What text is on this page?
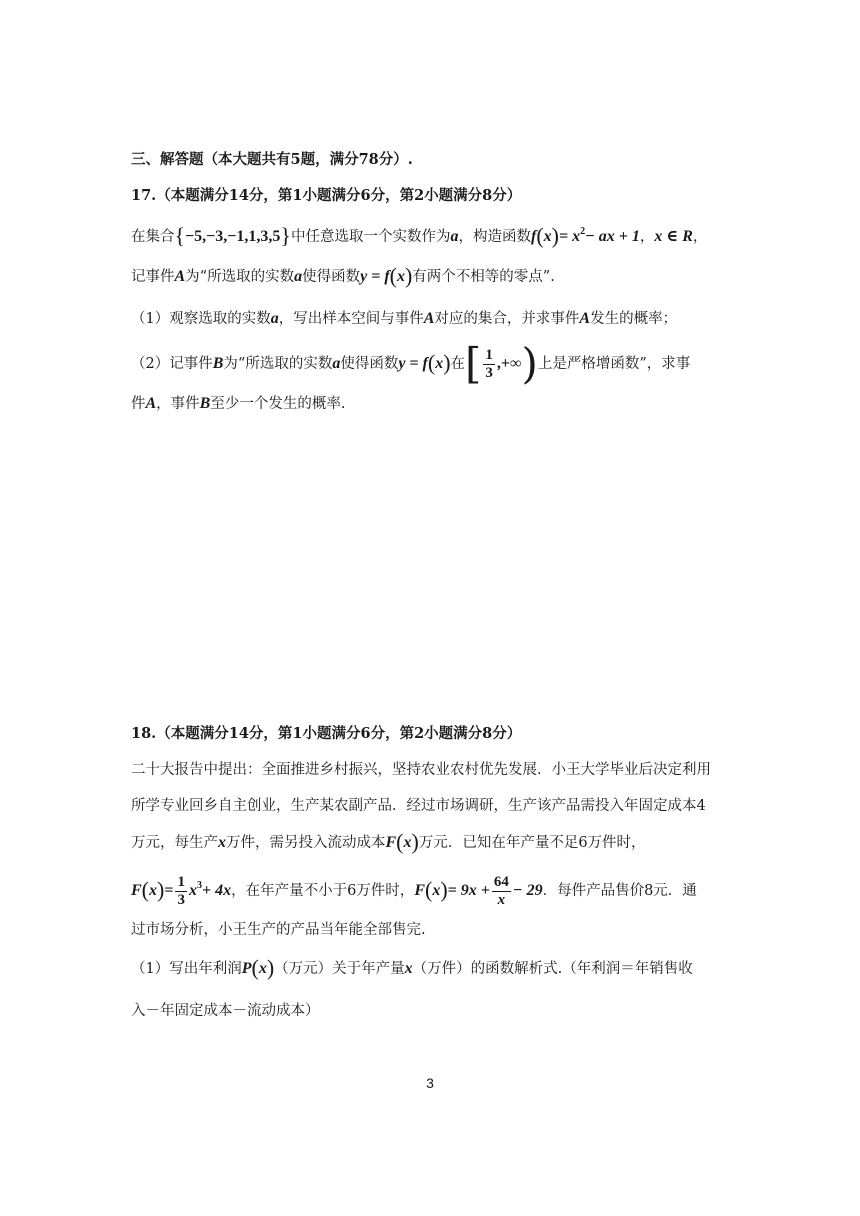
三、解答题（本大题共有5题，满分78分）.
17.（本题满分14分，第1小题满分6分，第2小题满分8分）
在集合{−5,−3,−1,1,3,5}中任意选取一个实数作为a，构造函数$f(x)= x^2-$ ax + 1，x ∈ R，
记事件A为“所选取的实数a使得函数y = f(x)有两个不相等的零点”.
（1）观察选取的实数a，写出样本空间与事件A对应的集合，并求事件A发生的概率；
（2）记事件B为“所选取的实数a使得函数y = f(x)在[ $\frac{1}{3}$ ,+∞)上是严格增函数”，求事
件A，事件B至少一个发生的概率.
18.（本题满分14分，第1小题满分6分，第2小题满分8分）
二十大报告中提出：全面推进乡村振兴，坚持农业农村优先发展．小王大学毕业后决定利用
所学专业回乡自主创业，生产某农副产品．经过市场调研，生产该产品需投入年固定成本4
万元，每生产x万件，需另投入流动成本F(x)万元．已知在年产量不足6万件时，
$F(x)= \frac{1}{3} x^3+ 4x$，在年产量不小于6万件时，$F(x)= 9x + \frac{64}{x} - 29$．每件产品售价8元．通
过市场分析，小王生产的产品当年能全部售完.
（1）写出年利润P(x)（万元）关于年产量x（万件）的函数解析式.（年利润＝年销售收
入－年固定成本－流动成本）
3
